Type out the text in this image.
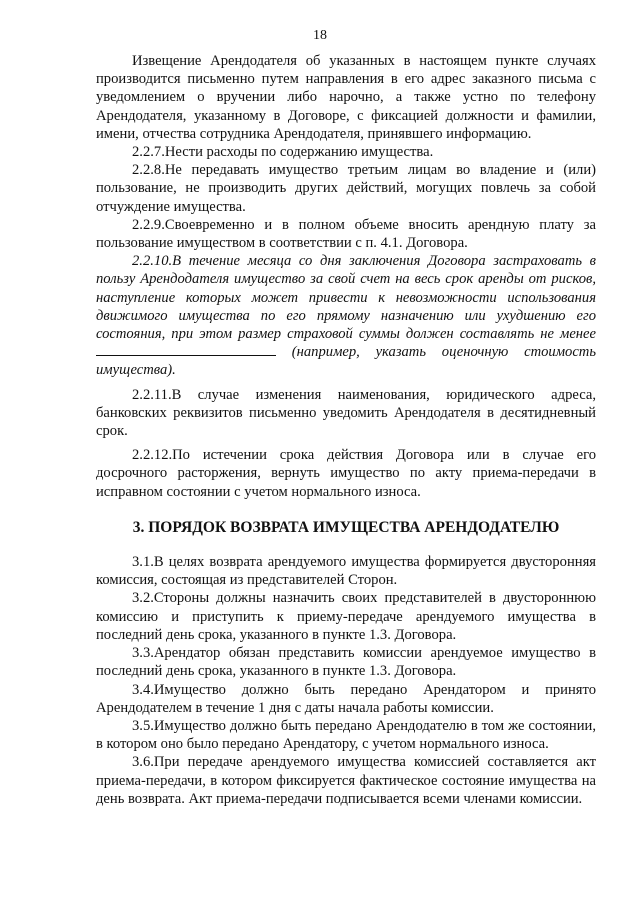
18

Извещение Арендодателя об указанных в настоящем пункте случаях производится письменно путем направления в его адрес заказного письма с уведомлением о вручении либо нарочно, а также устно по телефону Арендодателя, указанному в Договоре, с фиксацией должности и фамилии, имени, отчества сотрудника Арендодателя, принявшего информацию.

2.2.7.Нести расходы по содержанию имущества.

2.2.8.Не передавать имущество третьим лицам во владение и (или) пользование, не производить других действий, могущих повлечь за собой отчуждение имущества.

2.2.9.Своевременно и в полном объеме вносить арендную плату за пользование имуществом в соответствии с п. 4.1. Договора.

2.2.10.В течение месяца со дня заключения Договора застраховать в пользу Арендодателя имущество за свой счет на весь срок аренды от рисков, наступление которых может привести к невозможности использования движимого имущества по его прямому назначению или ухудшению его состояния, при этом размер страховой суммы должен составлять не менее  (например, указать оценочную стоимость имущества).

2.2.11.В случае изменения наименования, юридического адреса, банковских реквизитов письменно уведомить Арендодателя в десятидневный срок.

2.2.12.По истечении срока действия Договора или в случае его досрочного расторжения, вернуть имущество по акту приема-передачи в исправном состоянии с учетом нормального износа.

3. ПОРЯДОК ВОЗВРАТА ИМУЩЕСТВА АРЕНДОДАТЕЛЮ

3.1.В целях возврата арендуемого имущества формируется двусторонняя комиссия, состоящая из представителей Сторон.

3.2.Стороны должны назначить своих представителей в двустороннюю комиссию и приступить к приему-передаче арендуемого имущества в последний день срока, указанного в пункте 1.3. Договора.

3.3.Арендатор обязан представить комиссии арендуемое имущество в последний день срока, указанного в пункте 1.3. Договора.

3.4.Имущество должно быть передано Арендатором и принято Арендодателем в течение 1 дня с даты начала работы комиссии.

3.5.Имущество должно быть передано Арендодателю в том же состоянии, в котором оно было передано Арендатору, с учетом нормального износа.

3.6.При передаче арендуемого имущества комиссией составляется акт приема-передачи, в котором фиксируется фактическое состояние имущества на день возврата. Акт приема-передачи подписывается всеми членами комиссии.
